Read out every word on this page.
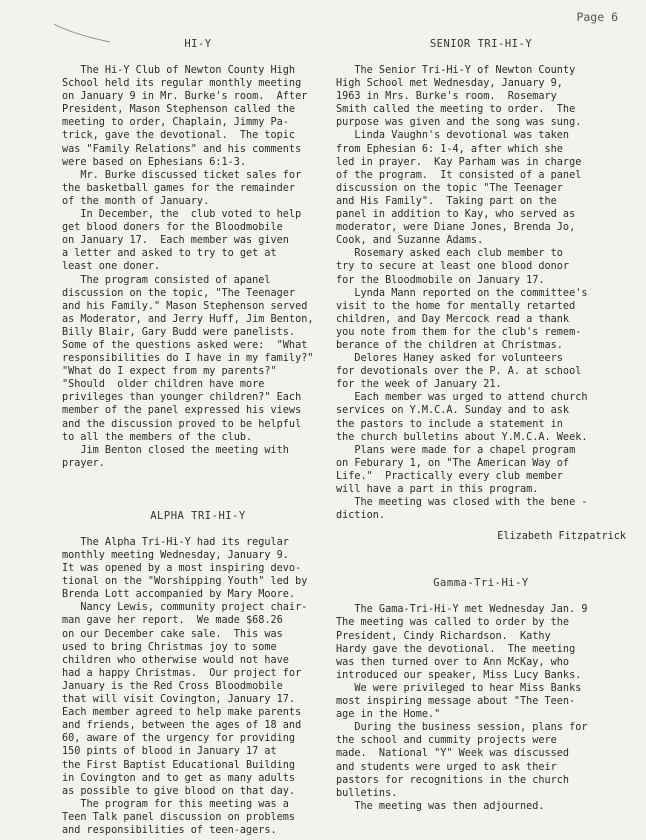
Page 6
HI-Y

The Hi-Y Club of Newton County High
School held its regular monthly meeting
on January 9 in Mr. Burke's room.  After
President, Mason Stephenson called the
meeting to order, Chaplain, Jimmy Pa-
trick, gave the devotional.  The topic
was "Family Relations" and his comments
were based on Ephesians 6:1-3.

Mr. Burke discussed ticket sales for
the basketball games for the remainder
of the month of January.

In December, the  club voted to help
get blood doners for the Bloodmobile
on January 17.  Each member was given
a letter and asked to try to get at
least one doner.

The program consisted of apanel
discussion on the topic, "The Teenager
and his Family." Mason Stephenson served
as Moderator, and Jerry Huff, Jim Benton,
Billy Blair, Gary Budd were panelists.
Some of the questions asked were:  "What
responsibilities do I have in my family?"
"What do I expect from my parents?"
"Should  older children have more
privileges than younger children?" Each
member of the panel expressed his views
and the discussion proved to be helpful
to all the members of the club.

Jim Benton closed the meeting with
prayer.

ALPHA TRI-HI-Y

The Alpha Tri-Hi-Y had its regular
monthly meeting Wednesday, January 9.
It was opened by a most inspiring devo-
tional on the "Worshipping Youth" led by
Brenda Lott accompanied by Mary Moore.

Nancy Lewis, community project chair-
man gave her report.  We made $68.26
on our December cake sale.  This was
used to bring Christmas joy to some
children who otherwise would not have
had a happy Christmas.  Our project for
January is the Red Cross Bloodmobile
that will visit Covington, January 17.
Each member agreed to help make parents
and friends, between the ages of 18 and
60, aware of the urgency for providing
150 pints of blood in January 17 at
the First Baptist Educational Building
in Covington and to get as many adults
as possible to give blood on that day.

The program for this meeting was a
Teen Talk panel discussion on problems
and responsibilities of teen-agers.

SENIOR TRI-HI-Y

The Senior Tri-Hi-Y of Newton County
High School met Wednesday, January 9,
1963 in Mrs. Burke's room.  Rosemary
Smith called the meeting to order.  The
purpose was given and the song was sung.

Linda Vaughn's devotional was taken
from Ephesian 6: 1-4, after which she
led in prayer.  Kay Parham was in charge
of the program.  It consisted of a panel
discussion on the topic "The Teenager
and His Family".  Taking part on the
panel in addition to Kay, who served as
moderator, were Diane Jones, Brenda Jo,
Cook, and Suzanne Adams.

Rosemary asked each club member to
try to secure at least one blood donor
for the Bloodmobile on January 17.

Lynda Mann reported on the committee's
visit to the home for mentally retarted
children, and Day Mercock read a thank
you note from them for the club's remem-
berance of the children at Christmas.

Delores Haney asked for volunteers
for devotionals over the P. A. at school
for the week of January 21.

Each member was urged to attend church
services on Y.M.C.A. Sunday and to ask
the pastors to include a statement in
the church bulletins about Y.M.C.A. Week.

Plans were made for a chapel program
on Feburary 1, on "The American Way of
Life."  Practically every club member
will have a part in this program.

The meeting was closed with the bene -
diction.

Elizabeth Fitzpatrick

Gamma-Tri-Hi-Y

The Gama-Tri-Hi-Y met Wednesday Jan. 9
The meeting was called to order by the
President, Cindy Richardson.  Kathy
Hardy gave the devotional.  The meeting
was then turned over to Ann McKay, who
introduced our speaker, Miss Lucy Banks.

We were privileged to hear Miss Banks
most inspiring message about "The Teen-
age in the Home."

During the business session, plans for
the school and cummity projects were
made.  National "Y" Week was discussed
and students were urged to ask their
pastors for recognitions in the church
bulletins.

The meeting was then adjourned.
